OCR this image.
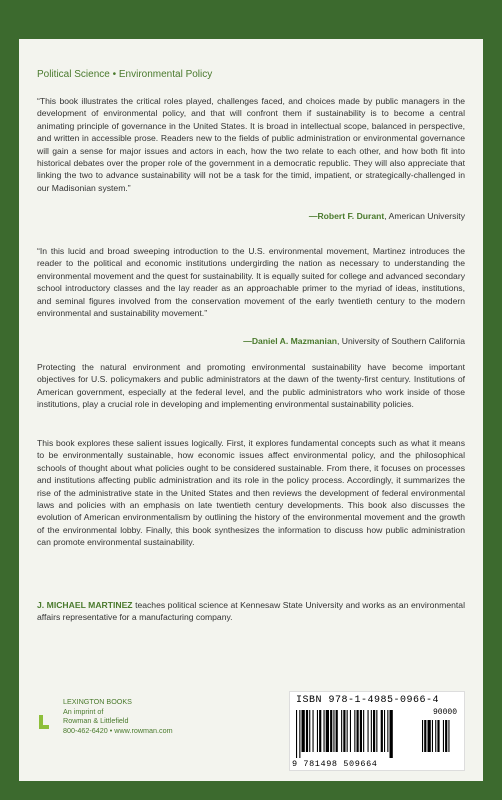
Political Science • Environmental Policy
“This book illustrates the critical roles played, challenges faced, and choices made by public managers in the development of environmental policy, and that will confront them if sustainability is to become a central animating principle of governance in the United States. It is broad in intellectual scope, balanced in perspective, and written in accessible prose. Readers new to the fields of public administration or environmental governance will gain a sense for major issues and actors in each, how the two relate to each other, and how both fit into historical debates over the proper role of the government in a democratic republic. They will also appreciate that linking the two to advance sustainability will not be a task for the timid, impatient, or strategically-challenged in our Madisonian system.”
—Robert F. Durant, American University
“In this lucid and broad sweeping introduction to the U.S. environmental movement, Martinez introduces the reader to the political and economic institutions undergirding the nation as necessary to understanding the environmental movement and the quest for sustainability. It is equally suited for college and advanced secondary school introductory classes and the lay reader as an approachable primer to the myriad of ideas, institutions, and seminal figures involved from the conservation movement of the early twentieth century to the modern environmental and sustainability movement.”
—Daniel A. Mazmanian, University of Southern California
Protecting the natural environment and promoting environmental sustainability have become important objectives for U.S. policymakers and public administrators at the dawn of the twenty-first century. Institutions of American government, especially at the federal level, and the public administrators who work inside of those institutions, play a crucial role in developing and implementing environmental sustainability policies.
This book explores these salient issues logically. First, it explores fundamental concepts such as what it means to be environmentally sustainable, how economic issues affect environmental policy, and the philosophical schools of thought about what policies ought to be considered sustainable. From there, it focuses on processes and institutions affecting public administration and its role in the policy process. Accordingly, it summarizes the rise of the administrative state in the United States and then reviews the development of federal environmental laws and policies with an emphasis on late twentieth century developments. This book also discusses the evolution of American environmentalism by outlining the history of the environmental movement and the growth of the environmental lobby. Finally, this book synthesizes the information to discuss how public administration can promote environmental sustainability.
J. MICHAEL MARTINEZ teaches political science at Kennesaw State University and works as an environmental affairs representative for a manufacturing company.
LEXINGTON BOOKS
An imprint of
Rowman & Littlefield
800-462-6420 • www.rowman.com
ISBN 978-1-4985-0966-4
90000
9 781498 509664
